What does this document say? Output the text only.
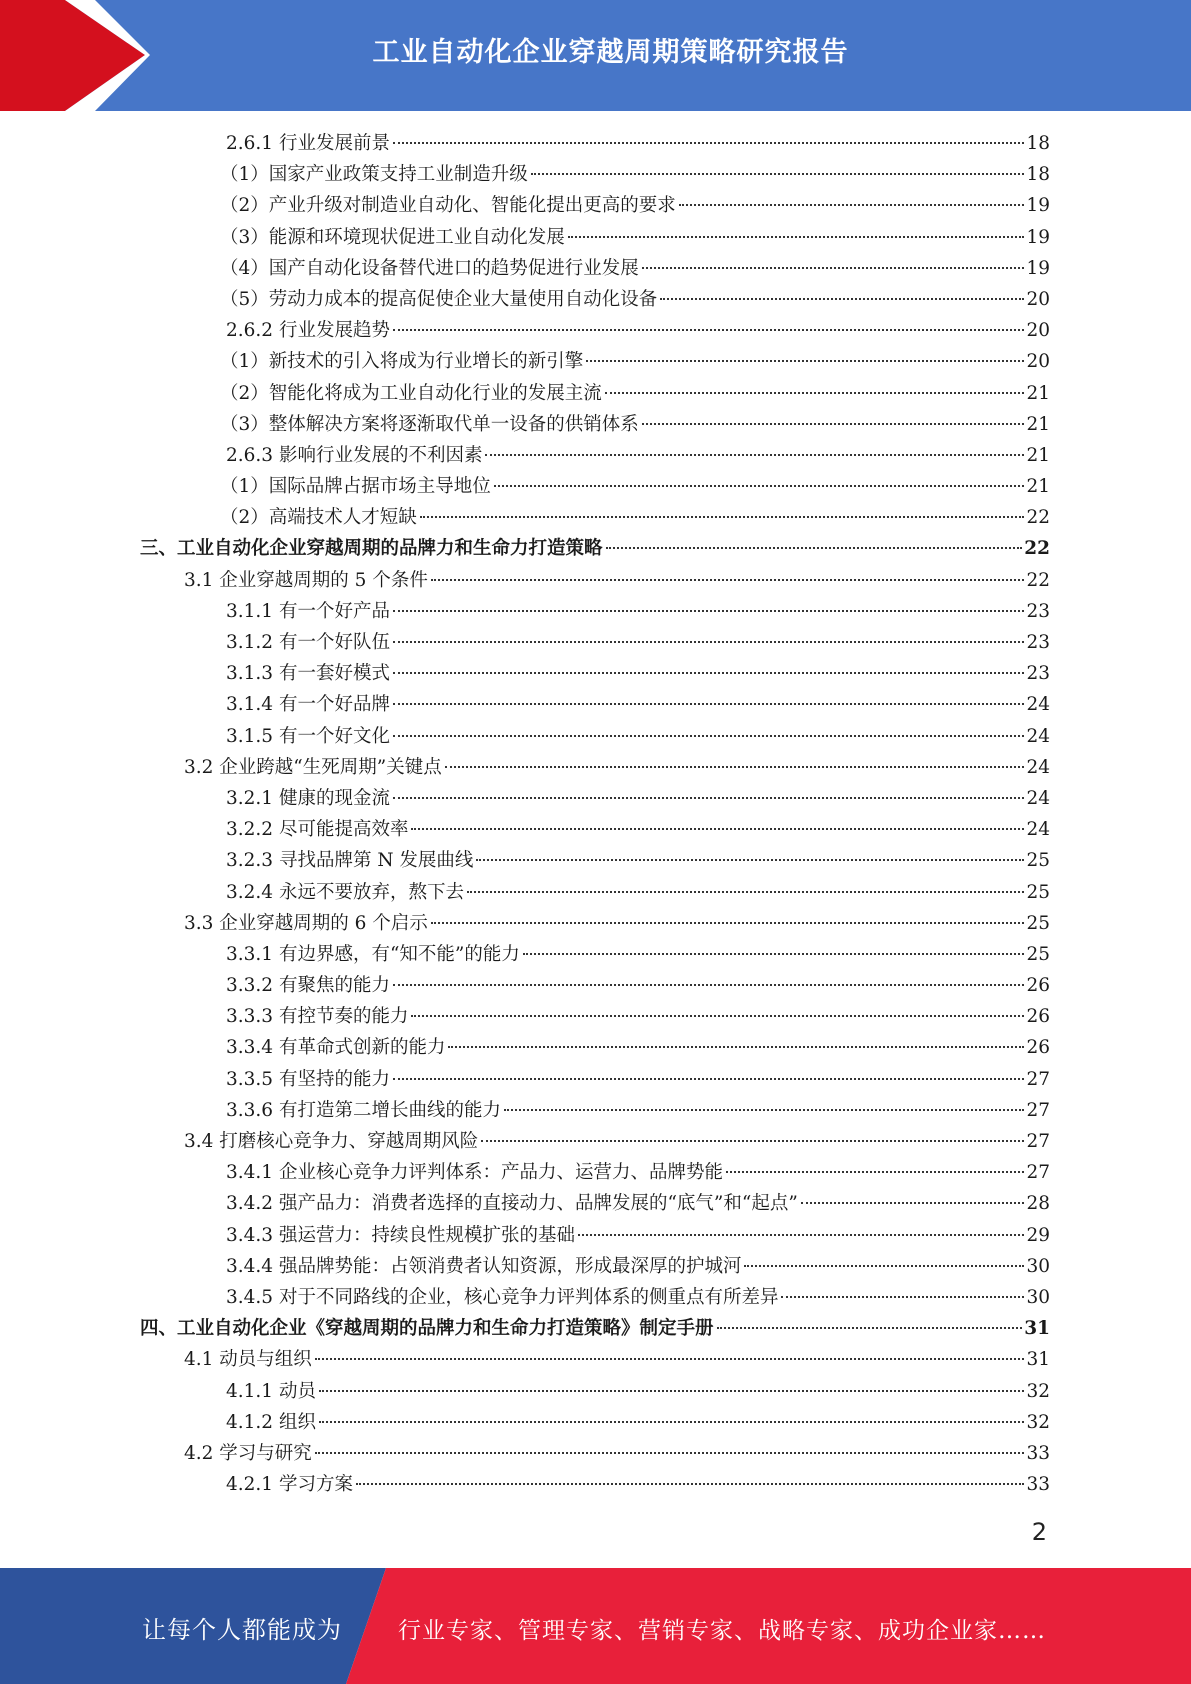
工业自动化企业穿越周期策略研究报告
2.6.1 行业发展前景	18
（1）国家产业政策支持工业制造升级	18
（2）产业升级对制造业自动化、智能化提出更高的要求	19
（3）能源和环境现状促进工业自动化发展	19
（4）国产自动化设备替代进口的趋势促进行业发展	19
（5）劳动力成本的提高促使企业大量使用自动化设备	20
2.6.2 行业发展趋势	20
（1）新技术的引入将成为行业增长的新引擎	20
（2）智能化将成为工业自动化行业的发展主流	21
（3）整体解决方案将逐渐取代单一设备的供销体系	21
2.6.3 影响行业发展的不利因素	21
（1）国际品牌占据市场主导地位	21
（2）高端技术人才短缺	22
三、工业自动化企业穿越周期的品牌力和生命力打造策略	22
3.1 企业穿越周期的 5 个条件	22
3.1.1 有一个好产品	23
3.1.2 有一个好队伍	23
3.1.3 有一套好模式	23
3.1.4 有一个好品牌	24
3.1.5 有一个好文化	24
3.2 企业跨越“生死周期”关键点	24
3.2.1 健康的现金流	24
3.2.2 尽可能提高效率	24
3.2.3 寻找品牌第 N 发展曲线	25
3.2.4 永远不要放弃，熬下去	25
3.3 企业穿越周期的 6 个启示	25
3.3.1 有边界感，有“知不能”的能力	25
3.3.2 有聚焦的能力	26
3.3.3 有控节奏的能力	26
3.3.4 有革命式创新的能力	26
3.3.5 有坚持的能力	27
3.3.6 有打造第二增长曲线的能力	27
3.4 打磨核心竞争力、穿越周期风险	27
3.4.1 企业核心竞争力评判体系：产品力、运营力、品牌势能	27
3.4.2 强产品力：消费者选择的直接动力、品牌发展的“底气”和“起点”	28
3.4.3 强运营力：持续良性规模扩张的基础	29
3.4.4 强品牌势能：占领消费者认知资源，形成最深厚的护城河	30
3.4.5 对于不同路线的企业，核心竞争力评判体系的侧重点有所差异	30
四、工业自动化企业《穿越周期的品牌力和生命力打造策略》制定手册	31
4.1 动员与组织	31
4.1.1 动员	32
4.1.2 组织	32
4.2 学习与研究	33
4.2.1 学习方案	33
2
让每个人都能成为 行业专家、管理专家、营销专家、战略专家、成功企业家……
